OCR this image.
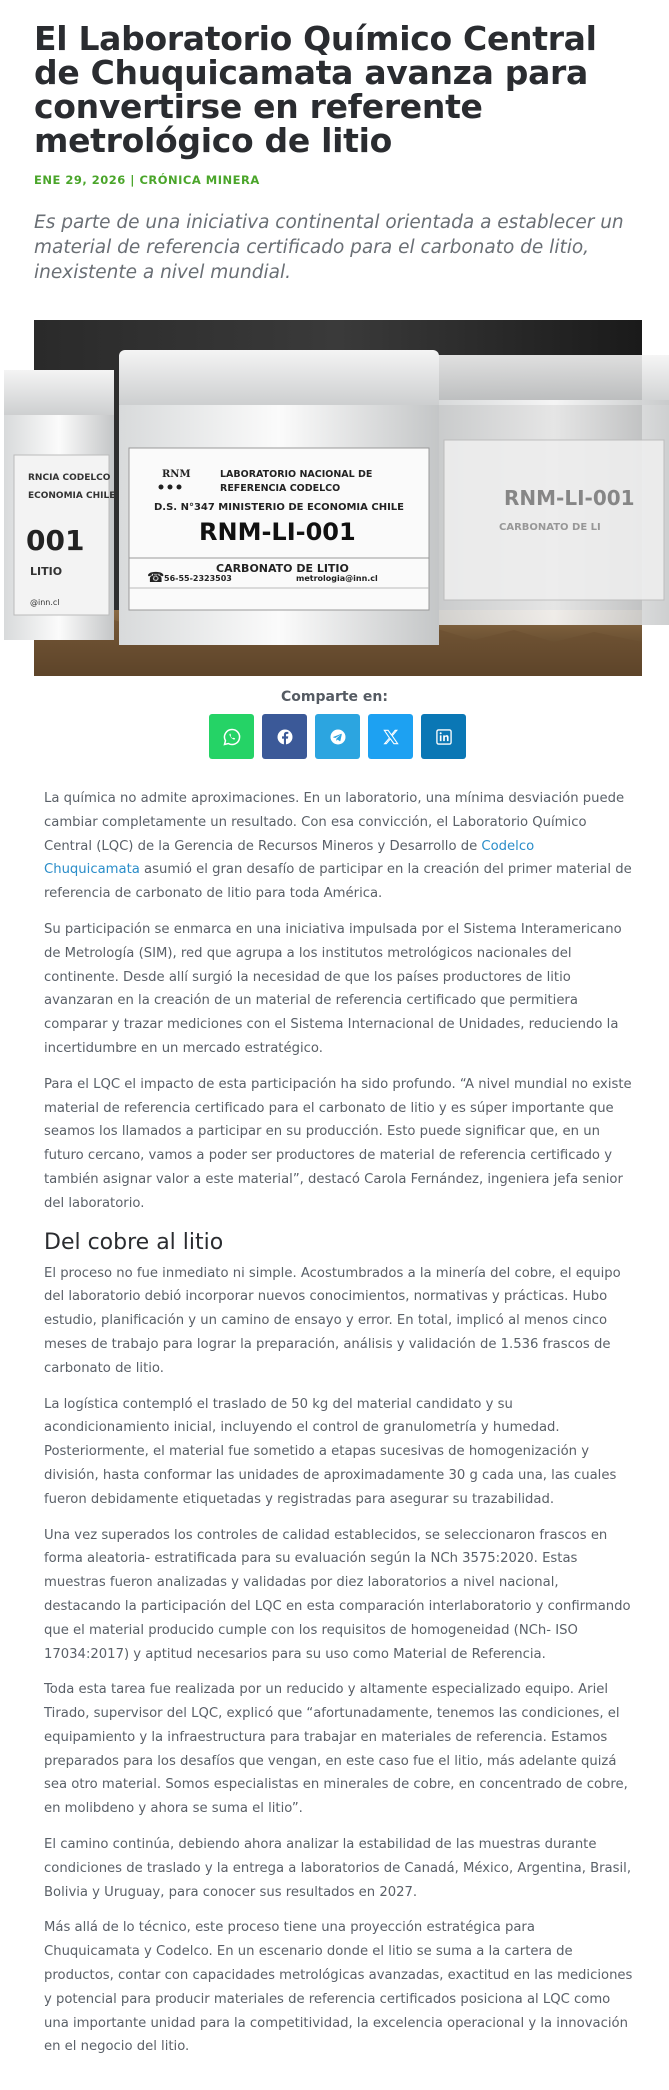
El Laboratorio Químico Central de Chuquicamata avanza para convertirse en referente metrológico de litio
ENE 29, 2026 | CRÓNICA MINERA

Es parte de una iniciativa continental orientada a establecer un material de referencia certificado para el carbonato de litio, inexistente a nivel mundial.

RNCIA CODELCO
ECONOMIA CHILE
001
LITIO
@inn.cl
RNM-LI-001
CARBONATO DE LI
RNM	LABORATORIO NACIONAL DE
REFERENCIA CODELCO
D.S. N°347 MINISTERIO DE ECONOMIA CHILE
RNM-LI-001
CARBONATO DE LITIO
☎ 56-55-2323503	metrologia@inn.cl
Comparte en:

La química no admite aproximaciones. En un laboratorio, una mínima desviación puede cambiar completamente un resultado. Con esa convicción, el Laboratorio Químico Central (LQC) de la Gerencia de Recursos Mineros y Desarrollo de Codelco Chuquicamata asumió el gran desafío de participar en la creación del primer material de referencia de carbonato de litio para toda América.

Su participación se enmarca en una iniciativa impulsada por el Sistema Interamericano de Metrología (SIM), red que agrupa a los institutos metrológicos nacionales del continente. Desde allí surgió la necesidad de que los países productores de litio avanzaran en la creación de un material de referencia certificado que permitiera comparar y trazar mediciones con el Sistema Internacional de Unidades, reduciendo la incertidumbre en un mercado estratégico.

Para el LQC el impacto de esta participación ha sido profundo. “A nivel mundial no existe material de referencia certificado para el carbonato de litio y es súper importante que seamos los llamados a participar en su producción. Esto puede significar que, en un futuro cercano, vamos a poder ser productores de material de referencia certificado y también asignar valor a este material”, destacó Carola Fernández, ingeniera jefa senior del laboratorio.

Del cobre al litio

El proceso no fue inmediato ni simple. Acostumbrados a la minería del cobre, el equipo del laboratorio debió incorporar nuevos conocimientos, normativas y prácticas. Hubo estudio, planificación y un camino de ensayo y error. En total, implicó al menos cinco meses de trabajo para lograr la preparación, análisis y validación de 1.536 frascos de carbonato de litio.

La logística contempló el traslado de 50 kg del material candidato y su acondicionamiento inicial, incluyendo el control de granulometría y humedad. Posteriormente, el material fue sometido a etapas sucesivas de homogenización y división, hasta conformar las unidades de aproximadamente 30 g cada una, las cuales fueron debidamente etiquetadas y registradas para asegurar su trazabilidad.

Una vez superados los controles de calidad establecidos, se seleccionaron frascos en forma aleatoria- estratificada para su evaluación según la NCh 3575:2020. Estas muestras fueron analizadas y validadas por diez laboratorios a nivel nacional, destacando la participación del LQC en esta comparación interlaboratorio y confirmando que el material producido cumple con los requisitos de homogeneidad (NCh- ISO 17034:2017) y aptitud necesarios para su uso como Material de Referencia.

Toda esta tarea fue realizada por un reducido y altamente especializado equipo. Ariel Tirado, supervisor del LQC, explicó que “afortunadamente, tenemos las condiciones, el equipamiento y la infraestructura para trabajar en materiales de referencia. Estamos preparados para los desafíos que vengan, en este caso fue el litio, más adelante quizá sea otro material. Somos especialistas en minerales de cobre, en concentrado de cobre, en molibdeno y ahora se suma el litio”.

El camino continúa, debiendo ahora analizar la estabilidad de las muestras durante condiciones de traslado y la entrega a laboratorios de Canadá, México, Argentina, Brasil, Bolivia y Uruguay, para conocer sus resultados en 2027.

Más allá de lo técnico, este proceso tiene una proyección estratégica para Chuquicamata y Codelco. En un escenario donde el litio se suma a la cartera de productos, contar con capacidades metrológicas avanzadas, exactitud en las mediciones y potencial para producir materiales de referencia certificados posiciona al LQC como una importante unidad para la competitividad, la excelencia operacional y la innovación en el negocio del litio.
